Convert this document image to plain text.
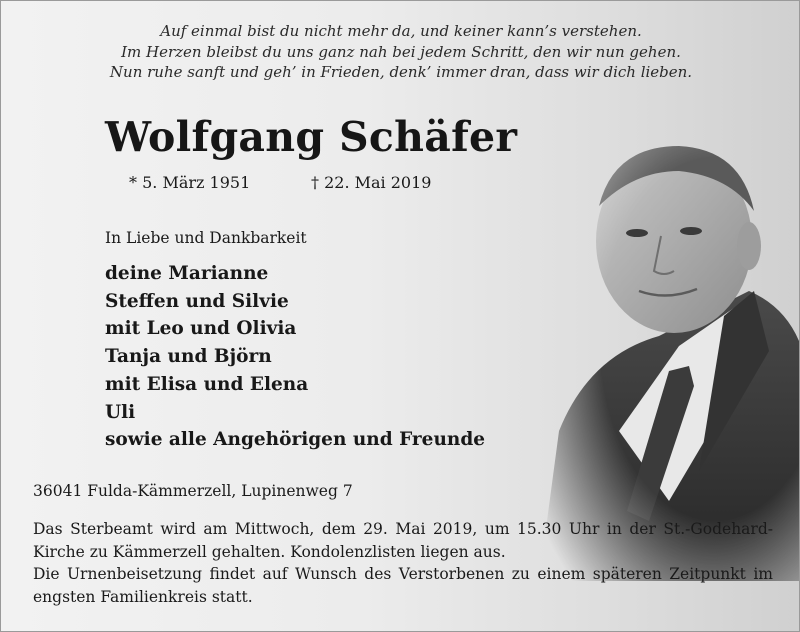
Auf einmal bist du nicht mehr da, und keiner kann’s verstehen.
Im Herzen bleibst du uns ganz nah bei jedem Schritt, den wir nun gehen.
Nun ruhe sanft und geh’ in Frieden, denk’ immer dran, dass wir dich lieben.
Wolfgang Schäfer
* 5. März 1951	† 22. Mai 2019
In Liebe und Dankbarkeit
deine Marianne
Steffen und Silvie
mit Leo und Olivia
Tanja und Björn
mit Elisa und Elena
Uli
sowie alle Angehörigen und Freunde
36041 Fulda-Kämmerzell, Lupinenweg 7
Das Sterbeamt wird am Mittwoch, dem 29. Mai 2019, um 15.30 Uhr in der St.-Godehard-Kirche zu Kämmerzell gehalten. Kondolenzlisten liegen aus.
Die Urnenbeisetzung findet auf Wunsch des Verstorbenen zu einem späteren Zeitpunkt im engsten Familienkreis statt.
